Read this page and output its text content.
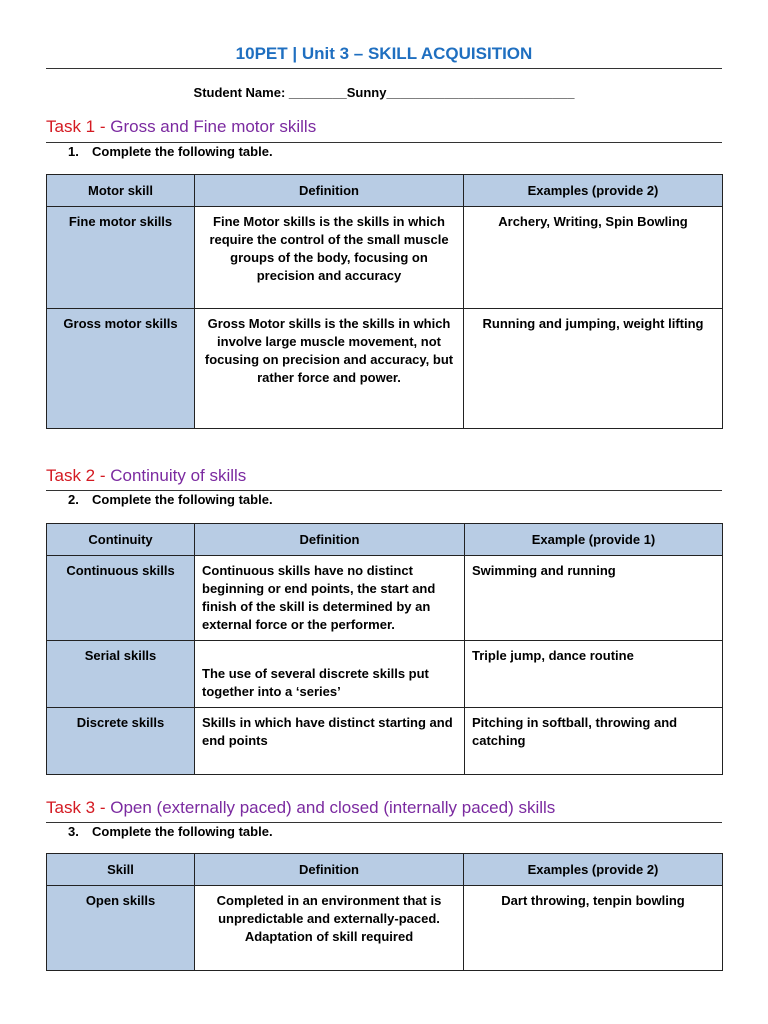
10PET | Unit 3 – SKILL ACQUISITION
Student Name: ________Sunny__________________________
Task 1 - Gross and Fine motor skills
1. Complete the following table.
Motor skill	Definition	Examples (provide 2)
Fine motor skills	Fine Motor skills is the skills in which require the control of the small muscle groups of the body, focusing on precision and accuracy	Archery, Writing, Spin Bowling
Gross motor skills	Gross Motor skills is the skills in which involve large muscle movement, not focusing on precision and accuracy, but rather force and power.	Running and jumping, weight lifting
Task 2 - Continuity of skills
2. Complete the following table.
Continuity	Definition	Example (provide 1)
Continuous skills	Continuous skills have no distinct beginning or end points, the start and finish of the skill is determined by an external force or the performer.	Swimming and running
Serial skills	The use of several discrete skills put together into a ‘series’	Triple jump, dance routine
Discrete skills	Skills in which have distinct starting and end points	Pitching in softball, throwing and catching
Task 3 - Open (externally paced) and closed (internally paced) skills
3. Complete the following table.
Skill	Definition	Examples (provide 2)
Open skills	Completed in an environment that is unpredictable and externally-paced. Adaptation of skill required	Dart throwing, tenpin bowling
